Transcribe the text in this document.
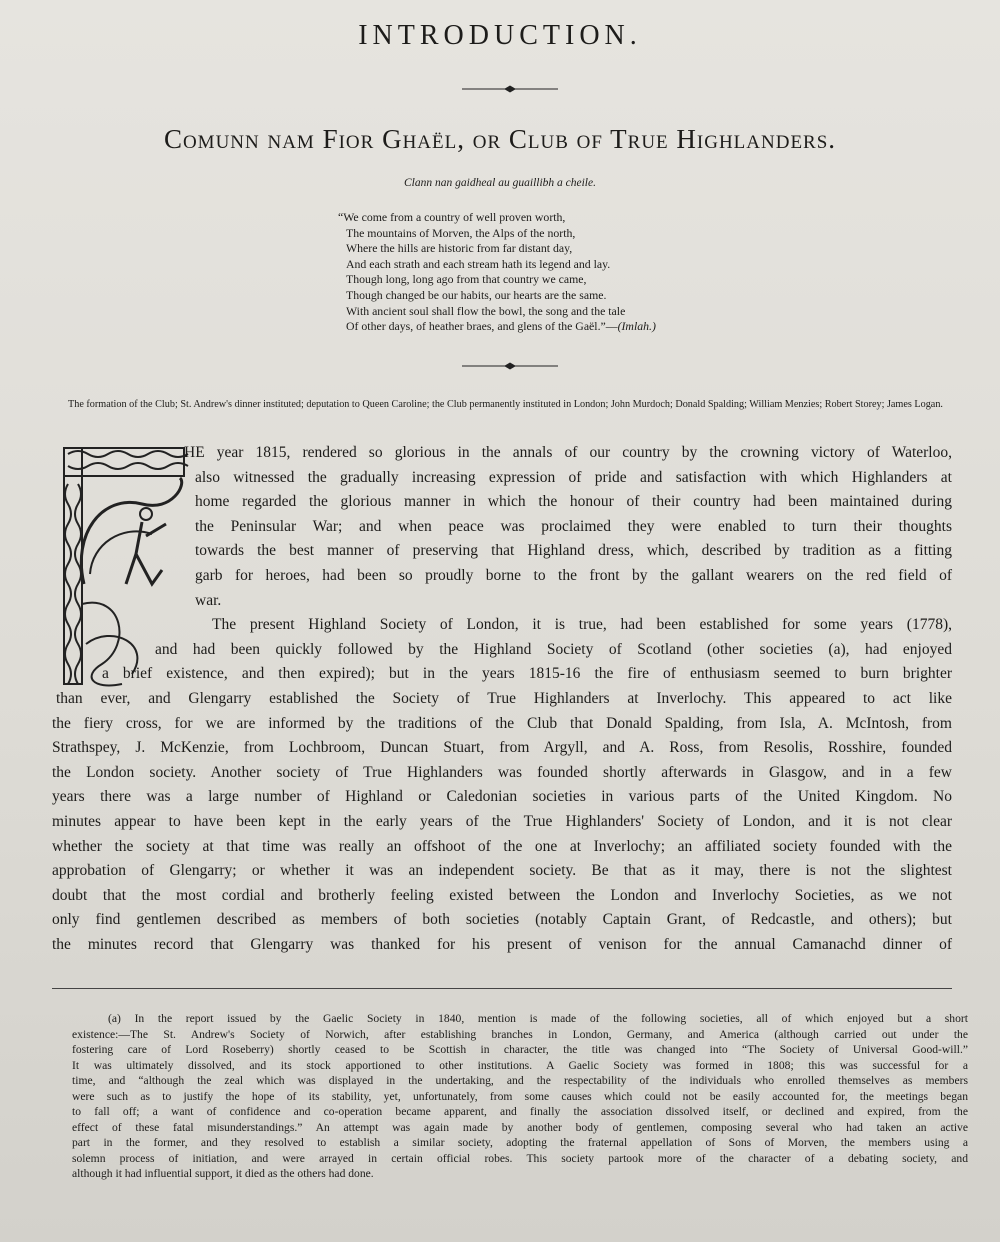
INTRODUCTION.
Comunn nam Fior Ghaël, or Club of True Highlanders.
Clann nan gaidheal au guaillibh a cheile.
“We come from a country of well proven worth,
The mountains of Morven, the Alps of the north,
Where the hills are historic from far distant day,
And each strath and each stream hath its legend and lay.
Though long, long ago from that country we came,
Though changed be our habits, our hearts are the same.
With ancient soul shall flow the bowl, the song and the tale
Of other days, of heather braes, and glens of the Gaël.”—(Imlah.)
The formation of the Club; St. Andrew's dinner instituted; deputation to Queen Caroline; the Club permanently instituted in London; John Murdoch; Donald Spalding; William Menzies; Robert Storey; James Logan.
HE year 1815, rendered so glorious in the annals of our country by the crowning victory of Waterloo,
also witnessed the gradually increasing expression of pride and satisfaction with which Highlanders at
home regarded the glorious manner in which the honour of their country had been maintained during
the Peninsular War; and when peace was proclaimed they were enabled to turn their thoughts
towards the best manner of preserving that Highland dress, which, described by tradition as a fitting
garb for heroes, had been so proudly borne to the front by the gallant wearers on the red field of
war.
The present Highland Society of London, it is true, had been established for some years (1778),
and had been quickly followed by the Highland Society of Scotland (other societies (a), had enjoyed
a brief existence, and then expired); but in the years 1815-16 the fire of enthusiasm seemed to burn brighter
than ever, and Glengarry established the Society of True Highlanders at Inverlochy. This appeared to act like
the fiery cross, for we are informed by the traditions of the Club that Donald Spalding, from Isla, A. McIntosh, from
Strathspey, J. McKenzie, from Lochbroom, Duncan Stuart, from Argyll, and A. Ross, from Resolis, Rosshire, founded
the London society. Another society of True Highlanders was founded shortly afterwards in Glasgow, and in a few
years there was a large number of Highland or Caledonian societies in various parts of the United Kingdom. No
minutes appear to have been kept in the early years of the True Highlanders' Society of London, and it is not clear
whether the society at that time was really an offshoot of the one at Inverlochy; an affiliated society founded with the
approbation of Glengarry; or whether it was an independent society. Be that as it may, there is not the slightest
doubt that the most cordial and brotherly feeling existed between the London and Inverlochy Societies, as we not
only find gentlemen described as members of both societies (notably Captain Grant, of Redcastle, and others); but
the minutes record that Glengarry was thanked for his present of venison for the annual Camanachd dinner of
(a) In the report issued by the Gaelic Society in 1840, mention is made of the following societies, all of which enjoyed but a short
existence:—The St. Andrew's Society of Norwich, after establishing branches in London, Germany, and America (although carried out under the
fostering care of Lord Roseberry) shortly ceased to be Scottish in character, the title was changed into “The Society of Universal Good-will.”
It was ultimately dissolved, and its stock apportioned to other institutions. A Gaelic Society was formed in 1808; this was successful for a
time, and “although the zeal which was displayed in the undertaking, and the respectability of the individuals who enrolled themselves as members
were such as to justify the hope of its stability, yet, unfortunately, from some causes which could not be easily accounted for, the meetings began
to fall off; a want of confidence and co-operation became apparent, and finally the association dissolved itself, or declined and expired, from the
effect of these fatal misunderstandings.” An attempt was again made by another body of gentlemen, composing several who had taken an active
part in the former, and they resolved to establish a similar society, adopting the fraternal appellation of Sons of Morven, the members using a
solemn process of initiation, and were arrayed in certain official robes. This society partook more of the character of a debating society, and
although it had influential support, it died as the others had done.
